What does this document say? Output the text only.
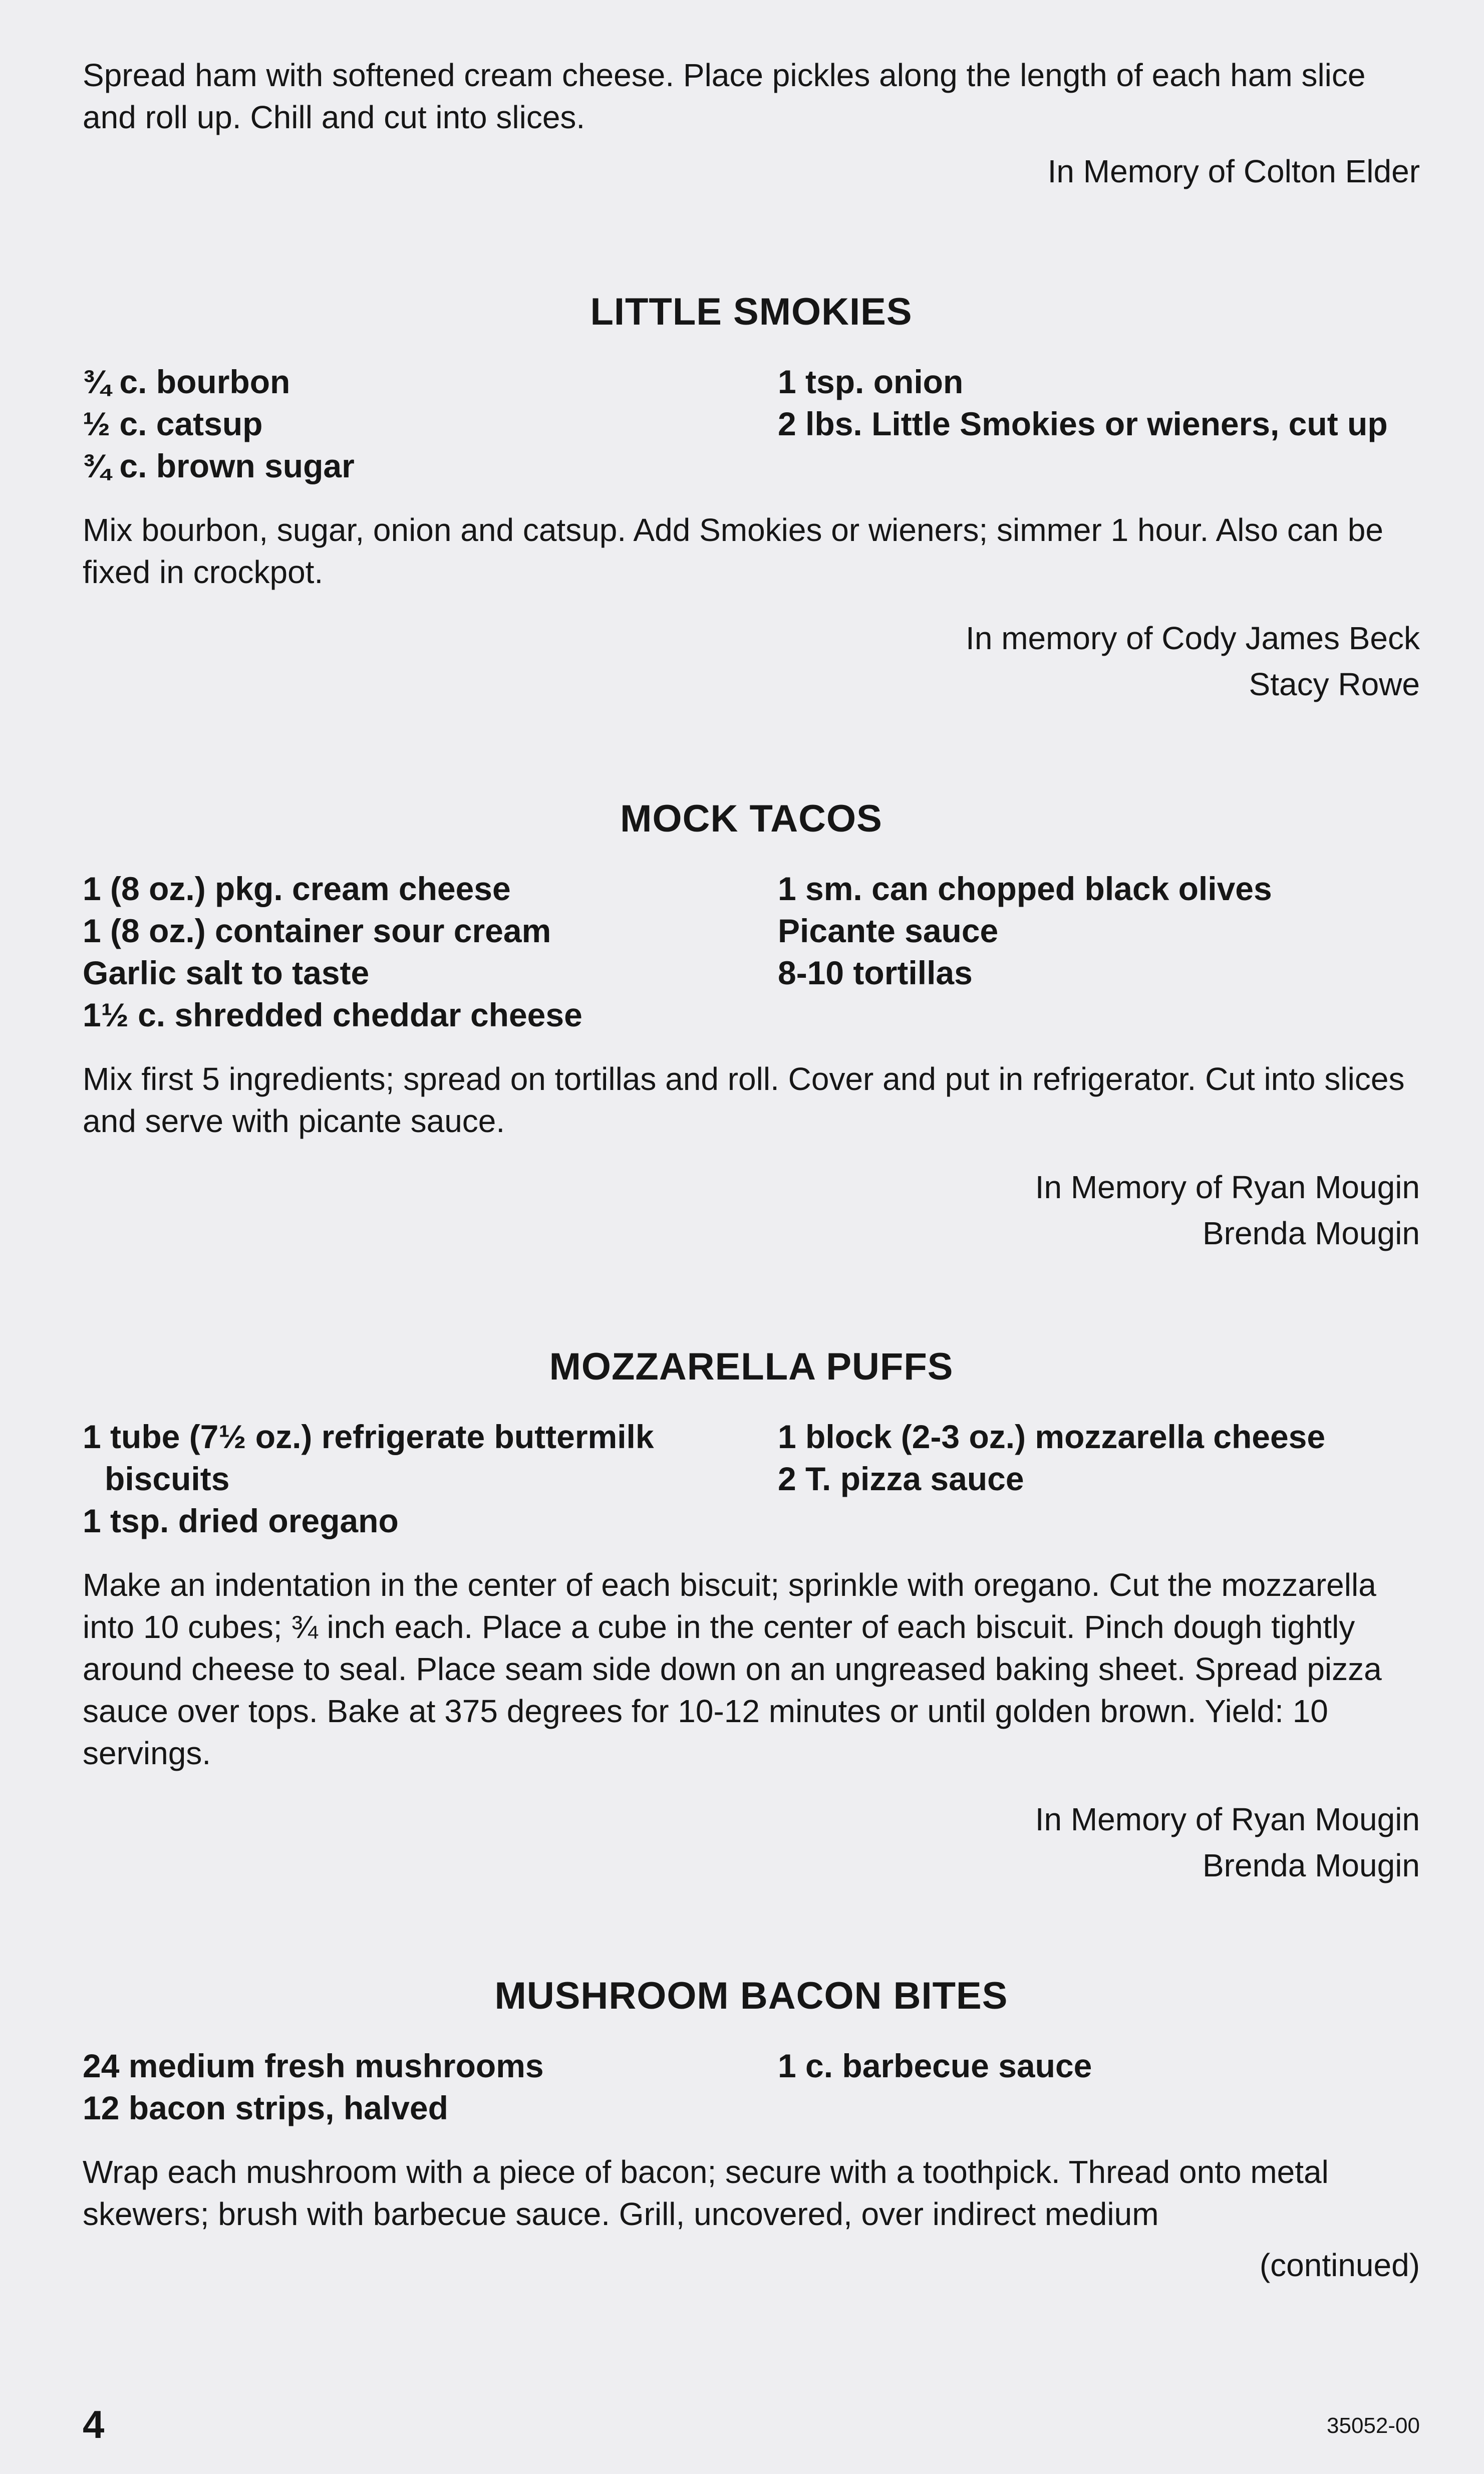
Spread ham with softened cream cheese. Place pickles along the length of each ham slice and roll up. Chill and cut into slices.

In Memory of Colton Elder

LITTLE SMOKIES
¾ c. bourbon
½ c. catsup
¾ c. brown sugar
1 tsp. onion
2 lbs. Little Smokies or wieners, cut up

Mix bourbon, sugar, onion and catsup. Add Smokies or wieners; simmer 1 hour. Also can be fixed in crockpot.

In memory of Cody James Beck

Stacy Rowe

MOCK TACOS
1 (8 oz.) pkg. cream cheese
1 (8 oz.) container sour cream
Garlic salt to taste
1½ c. shredded cheddar cheese
1 sm. can chopped black olives
Picante sauce
8-10 tortillas

Mix first 5 ingredients; spread on tortillas and roll. Cover and put in refrigerator. Cut into slices and serve with picante sauce.

In Memory of Ryan Mougin

Brenda Mougin

MOZZARELLA PUFFS
1 tube (7½ oz.) refrigerate buttermilk biscuits
1 tsp. dried oregano
1 block (2-3 oz.) mozzarella cheese
2 T. pizza sauce

Make an indentation in the center of each biscuit; sprinkle with oregano. Cut the mozzarella into 10 cubes; ¾ inch each. Place a cube in the center of each biscuit. Pinch dough tightly around cheese to seal. Place seam side down on an ungreased baking sheet. Spread pizza sauce over tops. Bake at 375 degrees for 10-12 minutes or until golden brown. Yield: 10 servings.

In Memory of Ryan Mougin

Brenda Mougin

MUSHROOM BACON BITES
24 medium fresh mushrooms
12 bacon strips, halved
1 c. barbecue sauce

Wrap each mushroom with a piece of bacon; secure with a toothpick. Thread onto metal skewers; brush with barbecue sauce. Grill, uncovered, over indirect medium

(continued)

4	35052-00
